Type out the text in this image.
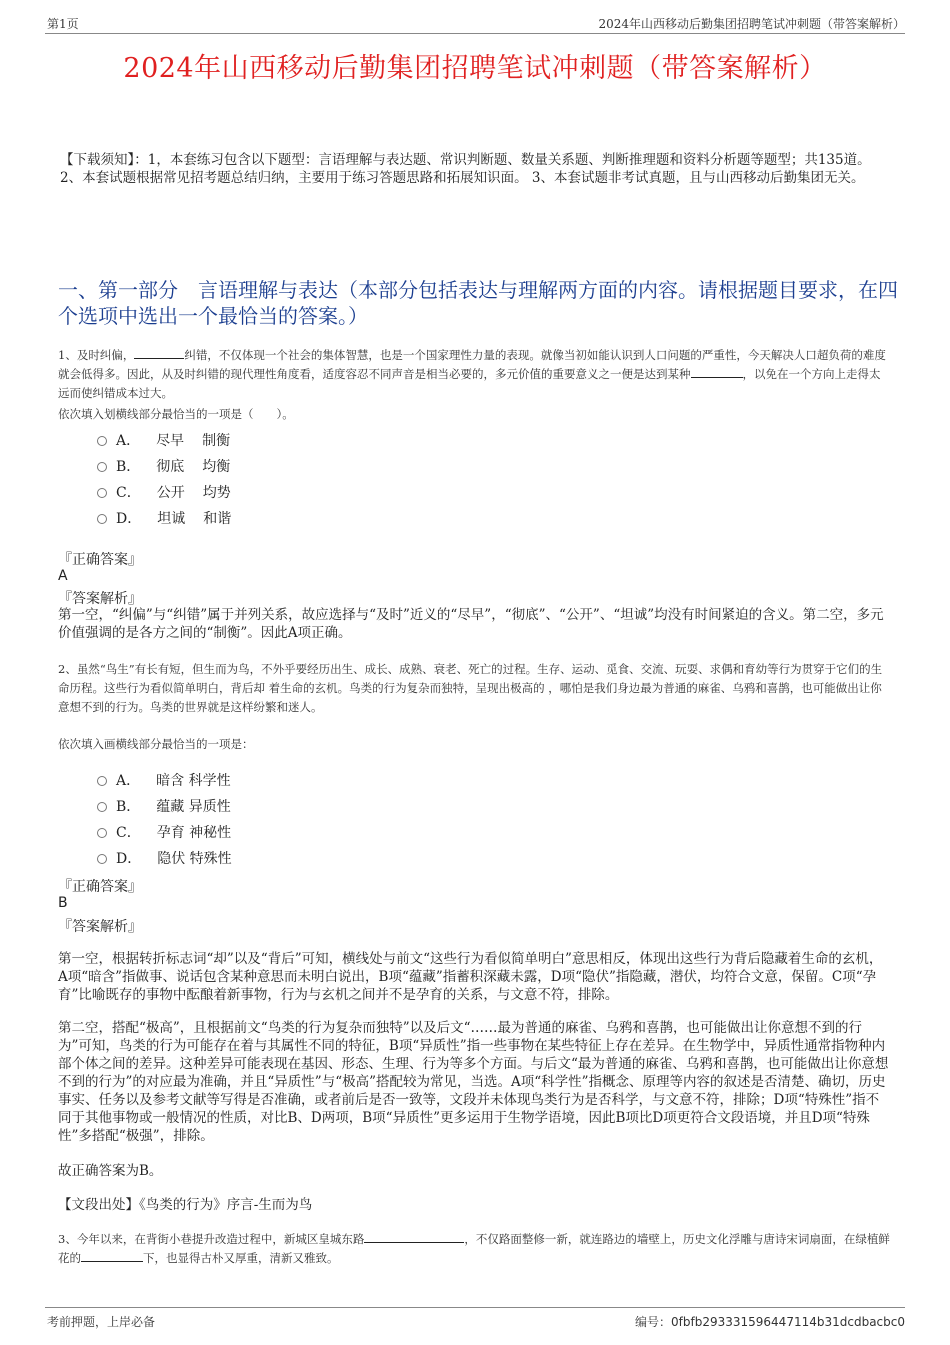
第1页	2024年山西移动后勤集团招聘笔试冲刺题（带答案解析）
2024年山西移动后勤集团招聘笔试冲刺题（带答案解析）
【下载须知】：1，本套练习包含以下题型：言语理解与表达题、常识判断题、数量关系题、判断推理题和资料分析题等题型；共135道。 2、本套试题根据常见招考题总结归纳，主要用于练习答题思路和拓展知识面。 3、本套试题非考试真题，且与山西移动后勤集团无关。
一、第一部分　言语理解与表达（本部分包括表达与理解两方面的内容。请根据题目要求，在四个选项中选出一个最恰当的答案。）
1、及时纠偏，	纠错，不仅体现一个社会的集体智慧，也是一个国家理性力量的表现。就像当初如能认识到人口问题的严重性，今天解决人口超负荷的难度就会低得多。因此，从及时纠错的现代理性角度看，适度容忍不同声音是相当必要的，多元价值的重要意义之一便是达到某种	，以免在一个方向上走得太远而使纠错成本过大。
依次填入划横线部分最恰当的一项是（　　）。
A． 尽早 制衡
B． 彻底 均衡
C． 公开 均势
D． 坦诚 和谐
『正确答案』
A
『答案解析』
第一空，“纠偏”与“纠错”属于并列关系，故应选择与“及时”近义的“尽早”，“彻底”、“公开”、“坦诚”均没有时间紧迫的含义。第二空，多元价值强调的是各方之间的“制衡”。因此A项正确。
2、虽然“鸟生”有长有短，但生而为鸟，不外乎要经历出生、成长、成熟、衰老、死亡的过程。生存、运动、觅食、交流、玩耍、求偶和育幼等行为贯穿于它们的生命历程。这些行为看似简单明白，背后却 着生命的玄机。鸟类的行为复杂而独特，呈现出极高的 ，哪怕是我们身边最为普通的麻雀、乌鸦和喜鹊，也可能做出让你意想不到的行为。鸟类的世界就是这样纷繁和迷人。
依次填入画横线部分最恰当的一项是：
A． 暗含 科学性
B． 蕴藏 异质性
C． 孕育 神秘性
D． 隐伏 特殊性
『正确答案』
B
『答案解析』
第一空，根据转折标志词“却”以及“背后”可知，横线处与前文“这些行为看似简单明白”意思相反，体现出这些行为背后隐藏着生命的玄机，A项“暗含”指做事、说话包含某种意思而未明白说出，B项“蕴藏”指蓄积深藏未露，D项“隐伏”指隐藏，潜伏，均符合文意，保留。C项“孕育”比喻既存的事物中酝酿着新事物，行为与玄机之间并不是孕育的关系，与文意不符，排除。
第二空，搭配“极高”，且根据前文“鸟类的行为复杂而独特”以及后文“……最为普通的麻雀、乌鸦和喜鹊，也可能做出让你意想不到的行为”可知，鸟类的行为可能存在着与其属性不同的特征，B项“异质性”指一些事物在某些特征上存在差异。在生物学中，异质性通常指物种内部个体之间的差异。这种差异可能表现在基因、形态、生理、行为等多个方面。与后文“最为普通的麻雀、乌鸦和喜鹊，也可能做出让你意想不到的行为”的对应最为准确，并且“异质性”与“极高”搭配较为常见，当选。A项“科学性”指概念、原理等内容的叙述是否清楚、确切，历史事实、任务以及参考文献等写得是否准确，或者前后是否一致等，文段并未体现鸟类行为是否科学，与文意不符，排除；D项“特殊性”指不同于其他事物或一般情况的性质，对比B、D两项，B项“异质性”更多运用于生物学语境，因此B项比D项更符合文段语境，并且D项“特殊性”多搭配“极强”，排除。
故正确答案为B。
【文段出处】《鸟类的行为》序言-生而为鸟
3、今年以来，在背街小巷提升改造过程中，新城区皇城东路	，不仅路面整修一新，就连路边的墙壁上，历史文化浮雕与唐诗宋词扇面，在绿植鲜花的	下，也显得古朴又厚重，清新又雅致。
考前押题，上岸必备	编号：0fbfb293331596447114b31dcdbacbc0
